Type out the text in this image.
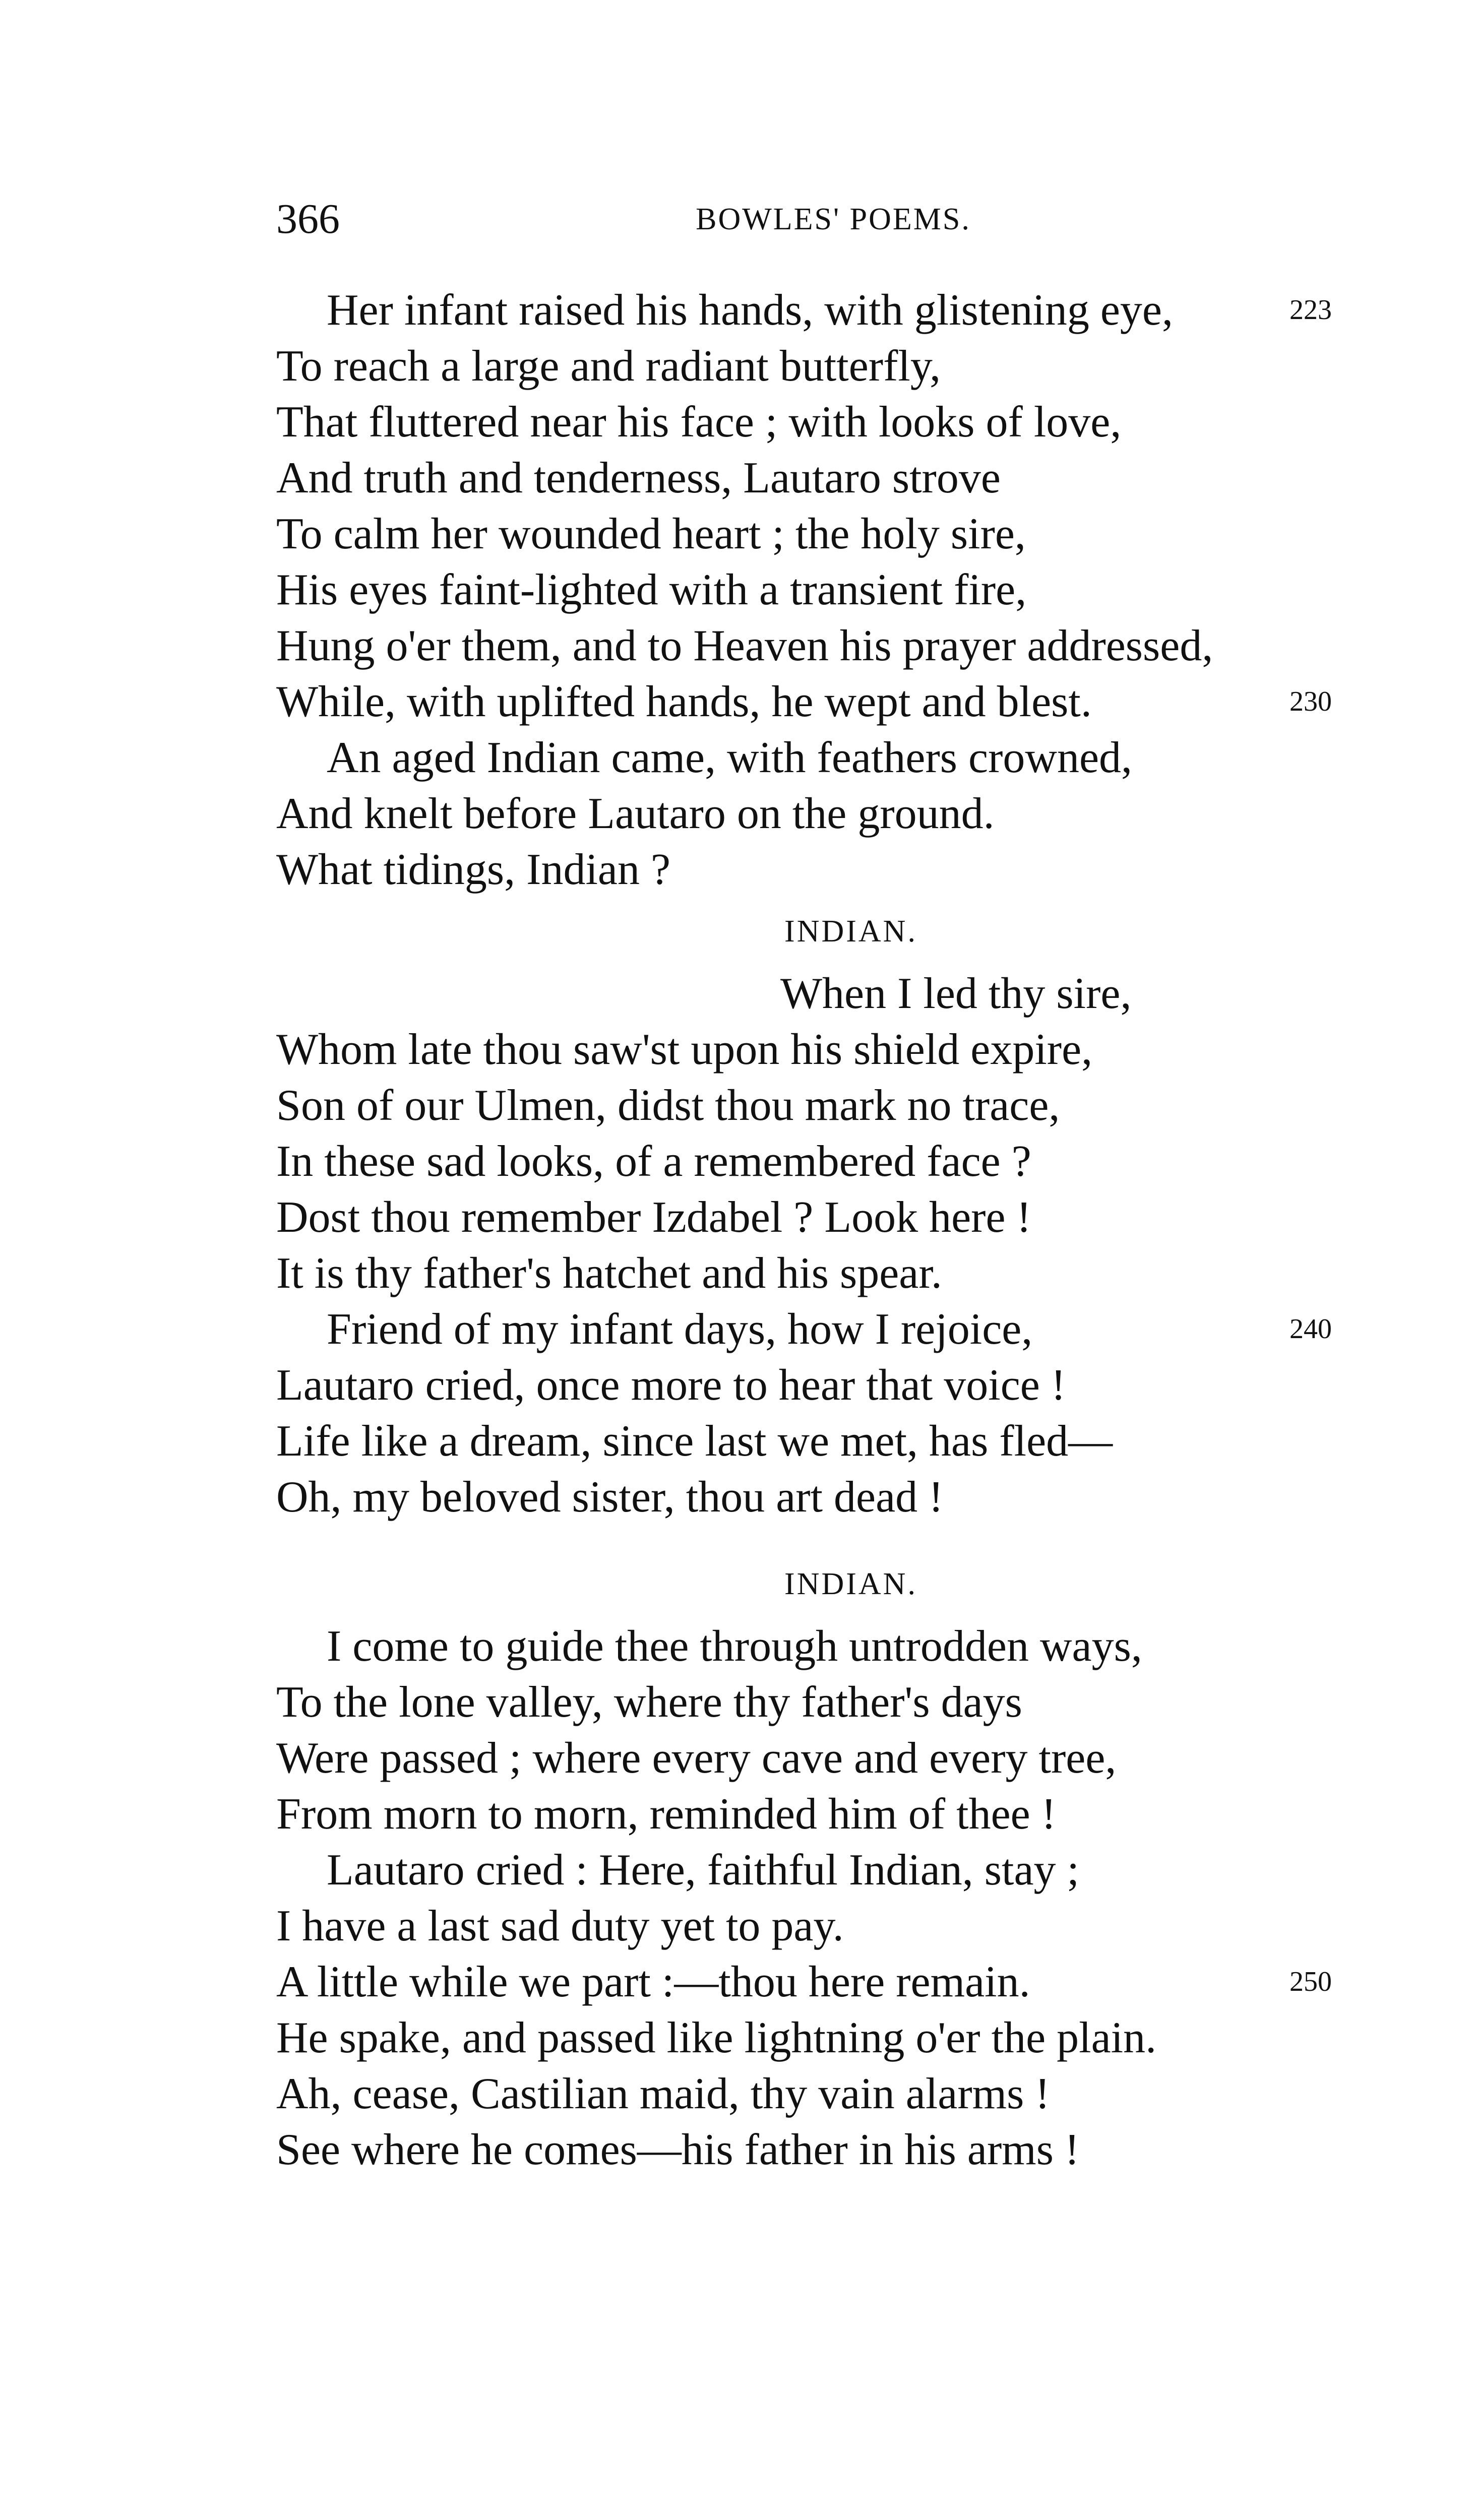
366	BOWLES' POEMS.
Her infant raised his hands, with glistening eye,	223
To reach a large and radiant butterfly,
That fluttered near his face ; with looks of love,
And truth and tenderness, Lautaro strove
To calm her wounded heart ; the holy sire,
His eyes faint-lighted with a transient fire,
Hung o'er them, and to Heaven his prayer addressed,
While, with uplifted hands, he wept and blest.	230
An aged Indian came, with feathers crowned,
And knelt before Lautaro on the ground.
What tidings, Indian ?
INDIAN.
When I led thy sire,
Whom late thou saw'st upon his shield expire,
Son of our Ulmen, didst thou mark no trace,
In these sad looks, of a remembered face ?
Dost thou remember Izdabel ? Look here !
It is thy father's hatchet and his spear.
Friend of my infant days, how I rejoice,	240
Lautaro cried, once more to hear that voice !
Life like a dream, since last we met, has fled—
Oh, my beloved sister, thou art dead !
INDIAN.
I come to guide thee through untrodden ways,
To the lone valley, where thy father's days
Were passed ; where every cave and every tree,
From morn to morn, reminded him of thee !
Lautaro cried : Here, faithful Indian, stay ;
I have a last sad duty yet to pay.
A little while we part :—thou here remain.	250
He spake, and passed like lightning o'er the plain.
Ah, cease, Castilian maid, thy vain alarms !
See where he comes—his father in his arms !
